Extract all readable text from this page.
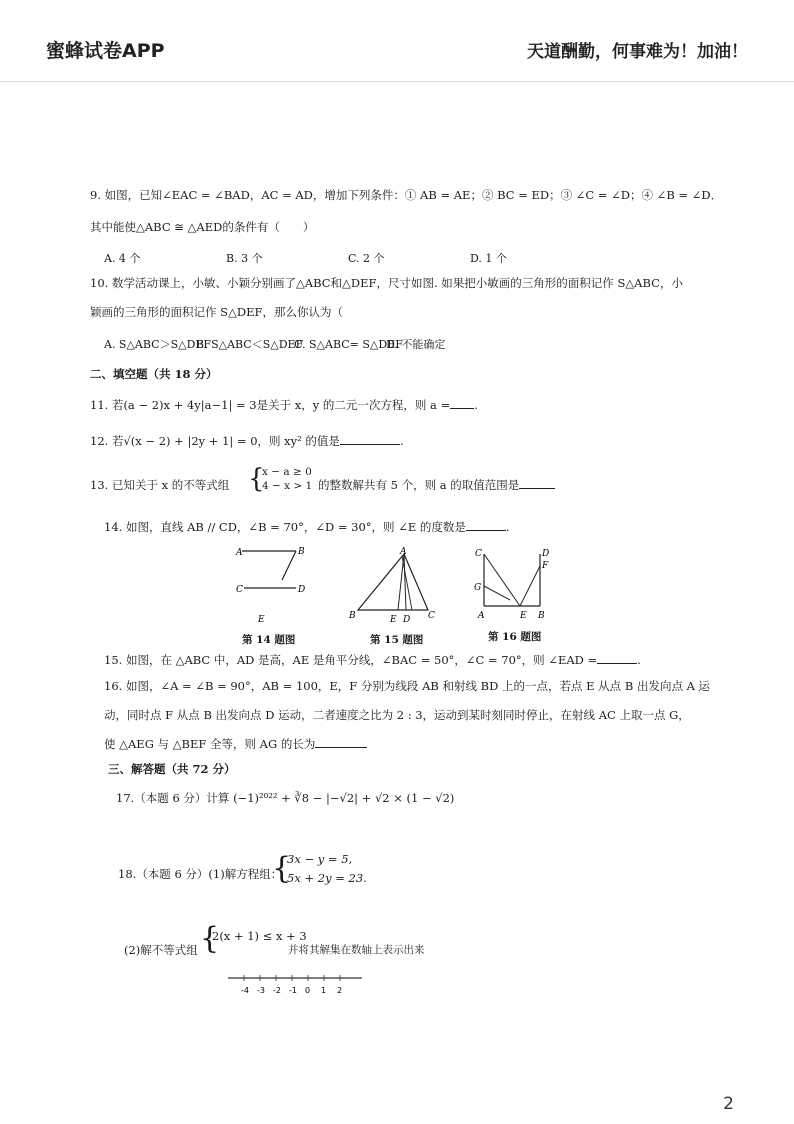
蜜蜂试卷APP	天道酬勤，何事难为！加油！
9. 如图，已知∠EAC = ∠BAD，AC = AD，增加下列条件：① AB = AE；② BC = ED；③ ∠C = ∠D；④ ∠B = ∠D．
其中能使△ABC ≅ △AED的条件有（　　）
A. 4 个	B. 3 个	C. 2 个	D. 1 个
10. 数学活动课上，小敏、小颖分别画了△ABC和△DEF，尺寸如图. 如果把小敏画的三角形的面积记作 S△ABC，小
颖画的三角形的面积记作 S△DEF，那么你认为（
A. S△ABC＞S△DEF
B. S△ABC＜S△DEF
C. S△ABC= S△DEF
D. 不能确定
二、填空题（共 18 分）
11. 若(a − 2)x + 4y|a−1| = 3是关于 x，y 的二元一次方程，则 a = .
12. 若√(x − 2) + |2y + 1| = 0，则 xy² 的值是	.
13. 已知关于 x 的不等式组 {
x − a ≥ 0
4 − x > 1 的整数解共有 5 个，则 a 的取值范围是
14. 如图，直线 AB // CD，∠B = 70°，∠D = 30°，则 ∠E 的度数是	.
A	B
C	D
E
A
B	E D C
C	D
F
G
A	E B
第 14 题图	第 15 题图	第 16 题图
15. 如图，在 △ABC 中，AD 是高，AE 是角平分线，∠BAC = 50°，∠C = 70°，则 ∠EAD =	.
16. 如图，∠A = ∠B = 90°，AB = 100，E，F 分别为线段 AB 和射线 BD 上的一点，若点 E 从点 B 出发向点 A 运
动，同时点 F 从点 B 出发向点 D 运动，二者速度之比为 2 : 3，运动到某时刻同时停止，在射线 AC 上取一点 G，
使 △AEG 与 △BEF 全等，则 AG 的长为
三、解答题（共 72 分）
17.（本题 6 分）计算 (−1)²⁰²² + ∛8 − |−√2| + √2 × (1 − √2)
18.（本题 6 分）(1)解方程组：
{
3x − y = 5,
5x + 2y = 23.
(2)解不等式组 {
2(x + 1) ≤ x + 3
并将其解集在数轴上表示出来
-4 -3 -2 -1 0 1 2
2
